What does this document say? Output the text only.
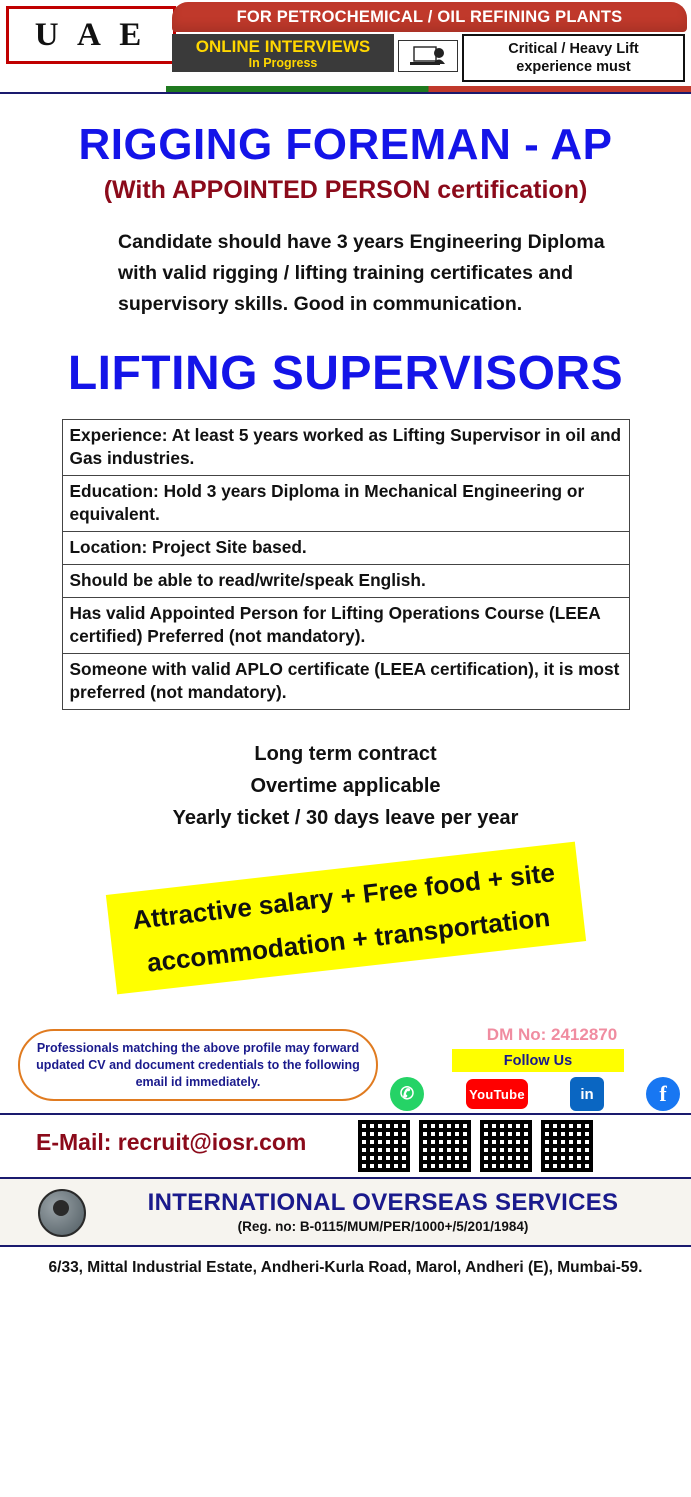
U A E	FOR PETROCHEMICAL / OIL REFINING PLANTS
ONLINE INTERVIEWS
In Progress
Critical / Heavy Lift
experience must
RIGGING FOREMAN - AP
(With APPOINTED PERSON certification)
Candidate should have 3 years Engineering Diploma with valid rigging / lifting training certificates and supervisory skills. Good in communication.
LIFTING SUPERVISORS
Experience: At least 5 years worked as Lifting Supervisor in oil and Gas industries.
Education: Hold 3 years Diploma in Mechanical Engineering or equivalent.
Location: Project Site based.
Should be able to read/write/speak English.
Has valid Appointed Person for Lifting Operations Course (LEEA certified) Preferred (not mandatory).
Someone with valid APLO certificate (LEEA certification), it is most preferred (not mandatory).
Long term contract
Overtime applicable
Yearly ticket / 30 days leave per year
Attractive salary + Free food + site accommodation + transportation
Professionals matching the above profile may forward updated CV and document credentials to the following email id immediately.
DM No: 2412870
Follow Us
✆	YouTube	in	f
E-Mail: recruit@iosr.com
INTERNATIONAL OVERSEAS SERVICES
(Reg. no: B-0115/MUM/PER/1000+/5/201/1984)
6/33, Mittal Industrial Estate, Andheri-Kurla Road, Marol, Andheri (E), Mumbai-59.
